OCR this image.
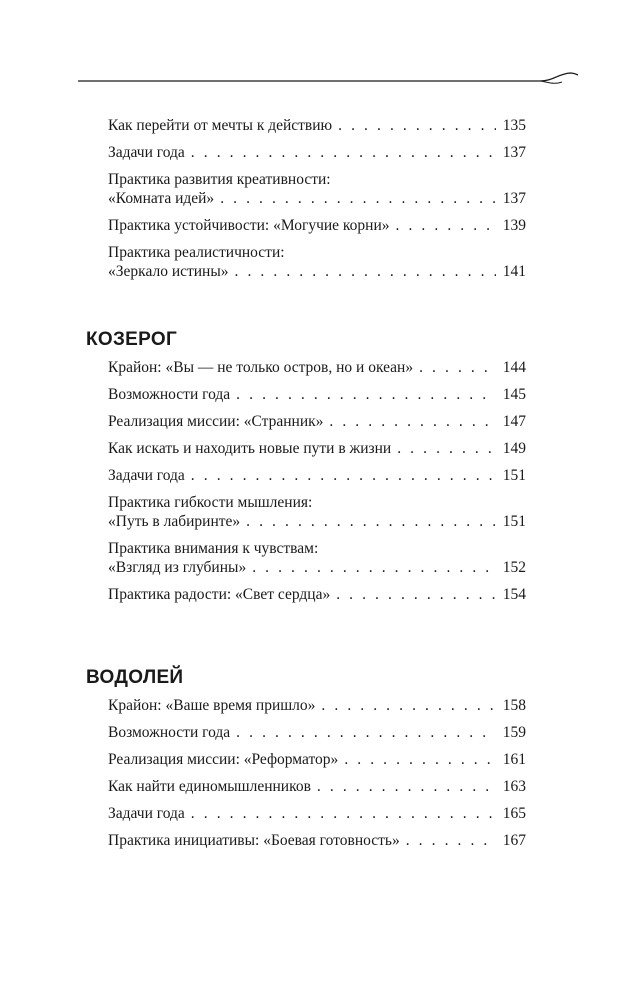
Как перейти от мечты к действию . . .	135
Задачи года . . .	137
Практика развития креативности:
«Комната идей» . . .	137
Практика устойчивости: «Могучие корни» . . .	139
Практика реалистичности:
«Зеркало истины» . . .	141
КОЗЕРОГ
Крайон: «Вы — не только остров, но и океан» . . .	144
Возможности года . . .	145
Реализация миссии: «Странник» . . .	147
Как искать и находить новые пути в жизни . . .	149
Задачи года . . .	151
Практика гибкости мышления:
«Путь в лабиринте» . . .	151
Практика внимания к чувствам:
«Взгляд из глубины» . . .	152
Практика радости: «Свет сердца» . . .	154
ВОДОЛЕЙ
Крайон: «Ваше время пришло» . . .	158
Возможности года . . .	159
Реализация миссии: «Реформатор» . . .	161
Как найти единомышленников . . .	163
Задачи года . . .	165
Практика инициативы: «Боевая готовность» . . .	167
